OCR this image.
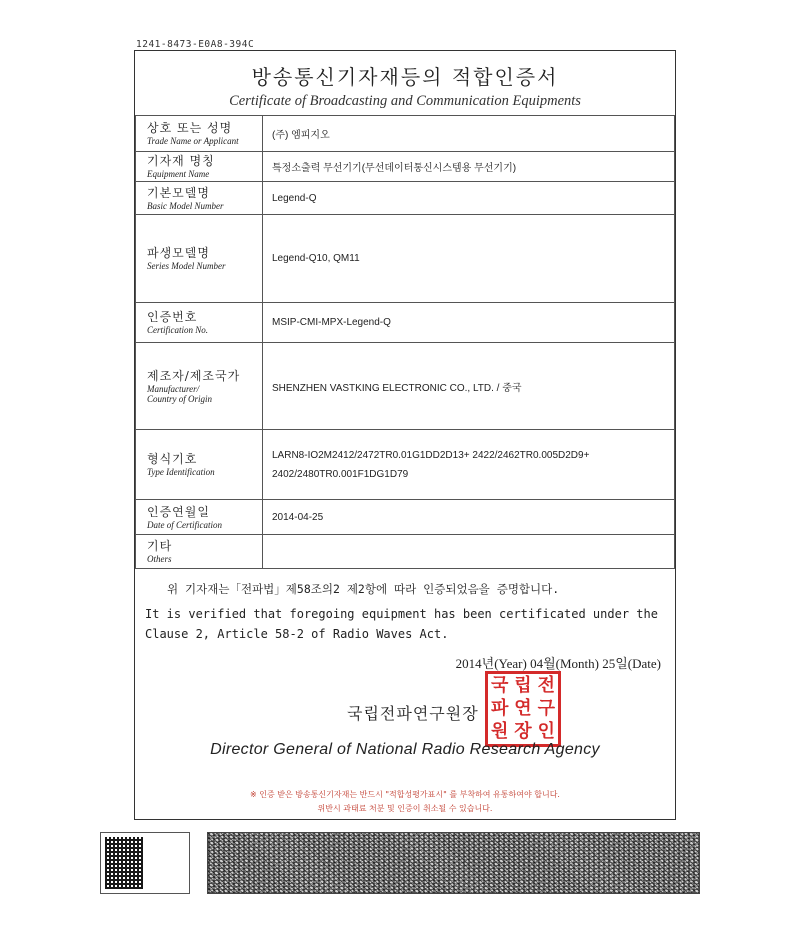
1241-8473-E0A8-394C
방송통신기자재등의 적합인증서
Certificate of Broadcasting and Communication Equipments
상호 또는 성명
Trade Name or Applicant	(주) 엠피지오

기자재 명칭
Equipment Name	특정소출력 무선기기(무선데이터통신시스템용 무선기기)

기본모델명
Basic Model Number	Legend-Q

파생모델명
Series Model Number	Legend-Q10, QM11

인증번호
Certification No.	MSIP-CMI-MPX-Legend-Q

제조자/제조국가
Manufacturer/
Country of Origin	SHENZHEN VASTKING ELECTRONIC CO., LTD. / 중국

형식기호
Type Identification	LARN8-IO2M2412/2472TR0.01G1DD2D13+ 2422/2462TR0.005D2D9+ 2402/2480TR0.001F1DG1D79

인증연월일
Date of Certification	2014-04-25

기타
Others	

위 기자재는「전파법」제58조의2 제2항에 따라 인증되었음을 증명합니다.
It is verified that foregoing equipment has been certificated under the Clause 2, Article 58-2 of Radio Waves Act.
2014년(Year) 04월(Month) 25일(Date)
국립전파연구원장
국 립 전
파 연 구
원 장 인
Director General of National Radio Research Agency
※ 인증 받은 방송통신기자재는 반드시 "적합성평가표시" 를 부착하여 유통하여야 합니다.
위반시 과태료 처분 및 인증이 취소될 수 있습니다.
